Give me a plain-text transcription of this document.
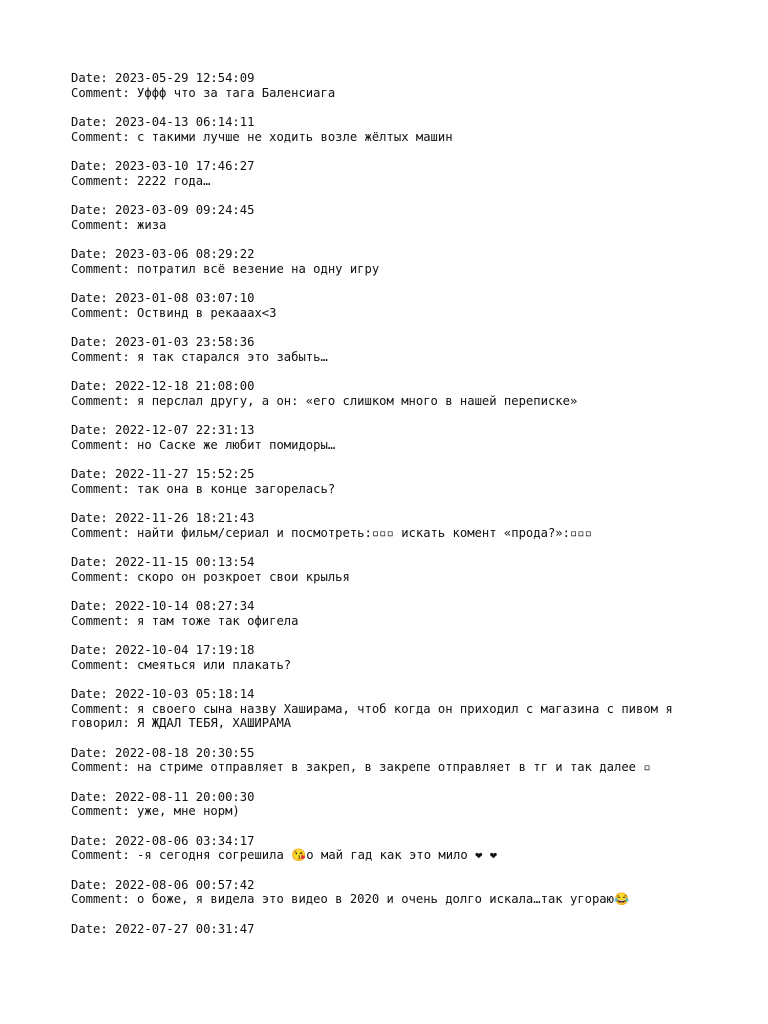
Date: 2023-05-29 12:54:09
Comment: Уффф что за тага Баленсиага
Date: 2023-04-13 06:14:11
Comment: с такими лучше не ходить возле жёлтых машин
Date: 2023-03-10 17:46:27
Comment: 2222 года…
Date: 2023-03-09 09:24:45
Comment: жиза
Date: 2023-03-06 08:29:22
Comment: потратил всё везение на одну игру
Date: 2023-01-08 03:07:10
Comment: Оствинд в рекааах<3
Date: 2023-01-03 23:58:36
Comment: я так старался это забыть…
Date: 2022-12-18 21:08:00
Comment: я перслал другу, а он: «его слишком много в нашей переписке»
Date: 2022-12-07 22:31:13
Comment: но Саске же любит помидоры…
Date: 2022-11-27 15:52:25
Comment: так она в конце загорелась?
Date: 2022-11-26 18:21:43
Comment: найти фильм/сериал и посмотреть:▫▫▫ искать комент «прода?»:▫▫▫
Date: 2022-11-15 00:13:54
Comment: скоро он розкроет свои крылья
Date: 2022-10-14 08:27:34
Comment: я там тоже так офигела
Date: 2022-10-04 17:19:18
Comment: смеяться или плакать?
Date: 2022-10-03 05:18:14
Comment: я своего сына назву Хаширама, чтоб когда он приходил с магазина с пивом я говорил: Я ЖДАЛ ТЕБЯ, ХАШИРАМА
Date: 2022-08-18 20:30:55
Comment: на стриме отправляет в закреп, в закрепе отправляет в тг и так далее ▫
Date: 2022-08-11 20:00:30
Comment: уже, мне норм)
Date: 2022-08-06 03:34:17
Comment: -я сегодня согрешила 😘о май гад как это мило ❤ ❤
Date: 2022-08-06 00:57:42
Comment: о боже, я видела это видео в 2020 и очень долго искала…так угораю😂
Date: 2022-07-27 00:31:47
